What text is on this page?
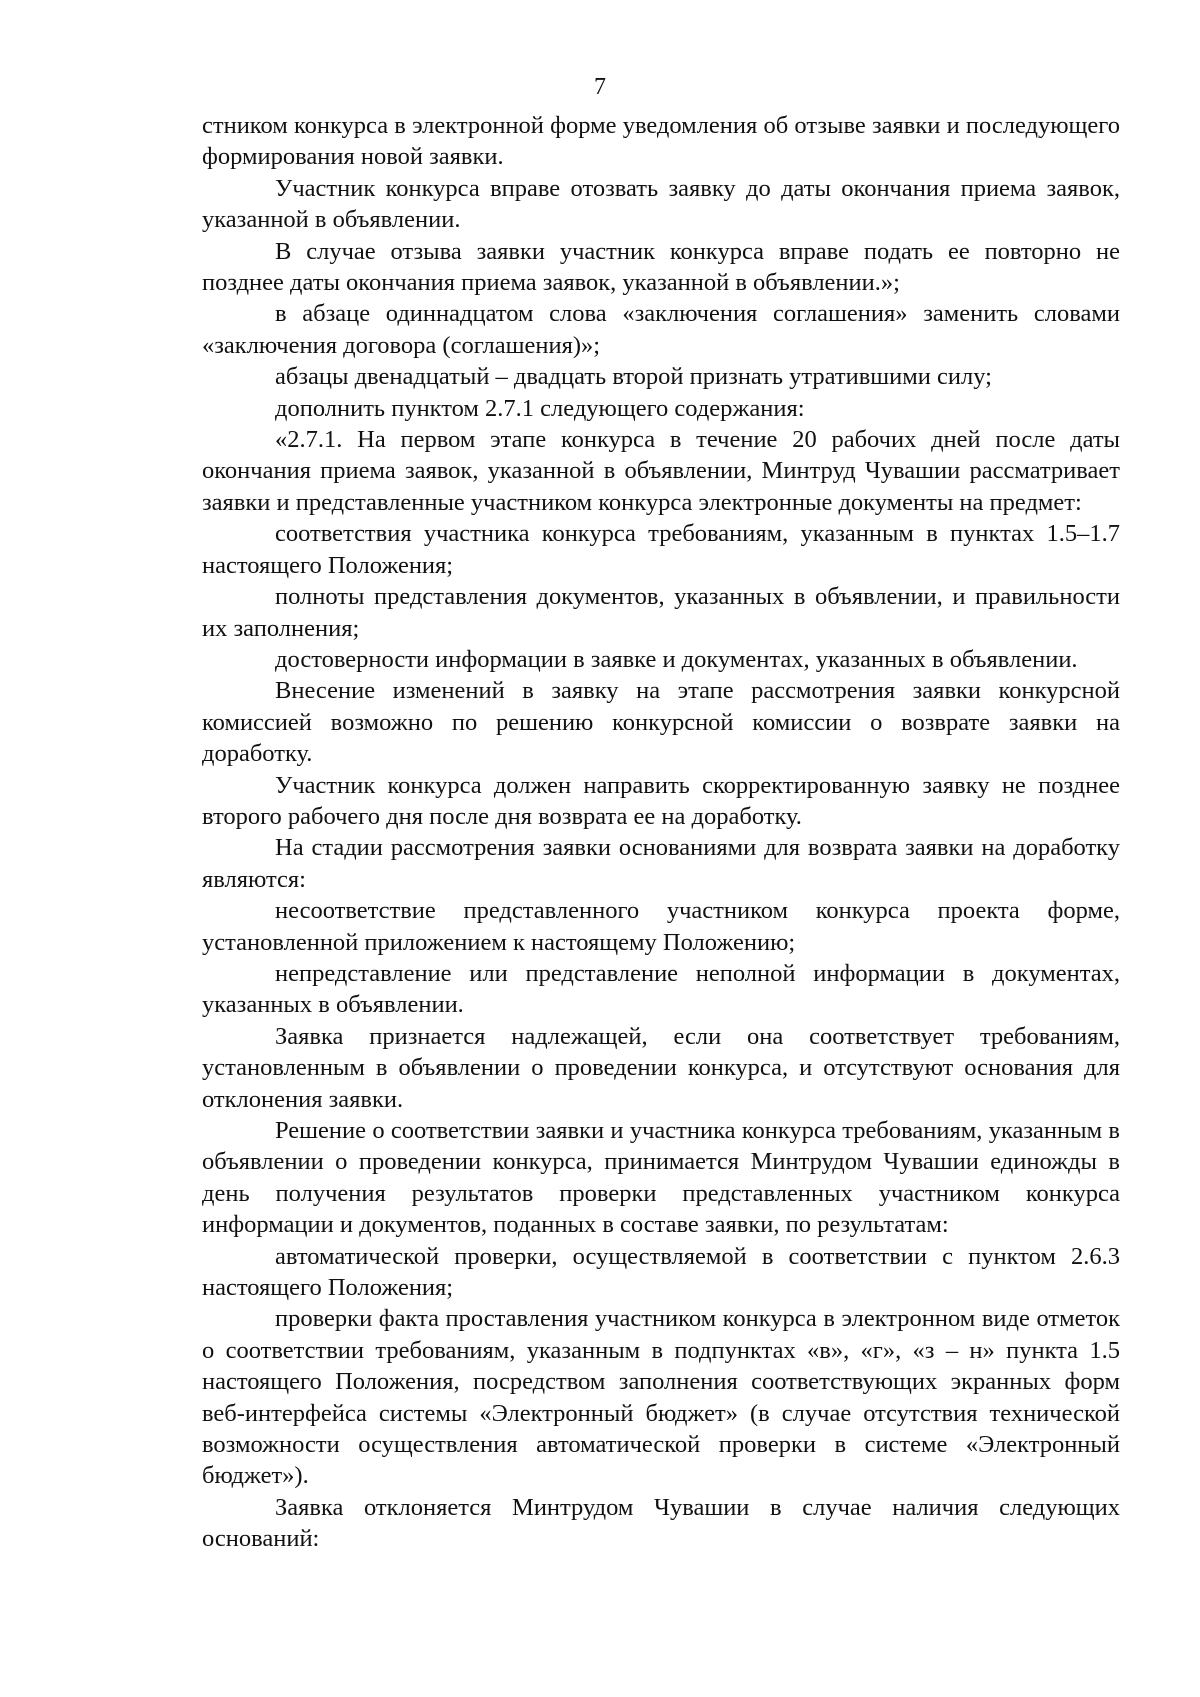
7

стником конкурса в электронной форме уведомления об отзыве заявки и последующего формирования новой заявки.

Участник конкурса вправе отозвать заявку до даты окончания приема заявок, указанной в объявлении.

В случае отзыва заявки участник конкурса вправе подать ее повторно не позднее даты окончания приема заявок, указанной в объявлении.»;

в абзаце одиннадцатом слова «заключения соглашения» заменить словами «заключения договора (соглашения)»;

абзацы двенадцатый – двадцать второй признать утратившими силу;

дополнить пунктом 2.7.1 следующего содержания:

«2.7.1. На первом этапе конкурса в течение 20 рабочих дней после даты окончания приема заявок, указанной в объявлении, Минтруд Чувашии рассматривает заявки и представленные участником конкурса электронные документы на предмет:

соответствия участника конкурса требованиям, указанным в пунктах 1.5–1.7 настоящего Положения;

полноты представления документов, указанных в объявлении, и правильности их заполнения;

достоверности информации в заявке и документах, указанных в объявлении.

Внесение изменений в заявку на этапе рассмотрения заявки конкурсной комиссией возможно по решению конкурсной комиссии о возврате заявки на доработку.

Участник конкурса должен направить скорректированную заявку не позднее второго рабочего дня после дня возврата ее на доработку.

На стадии рассмотрения заявки основаниями для возврата заявки на доработку являются:

несоответствие представленного участником конкурса проекта форме, установленной приложением к настоящему Положению;

непредставление или представление неполной информации в документах, указанных в объявлении.

Заявка признается надлежащей, если она соответствует требованиям, установленным в объявлении о проведении конкурса, и отсутствуют основания для отклонения заявки.

Решение о соответствии заявки и участника конкурса требованиям, указанным в объявлении о проведении конкурса, принимается Минтрудом Чувашии единожды в день получения результатов проверки представленных участником конкурса информации и документов, поданных в составе заявки, по результатам:

автоматической проверки, осуществляемой в соответствии с пунктом 2.6.3 настоящего Положения;

проверки факта проставления участником конкурса в электронном виде отметок о соответствии требованиям, указанным в подпунктах «в», «г», «з – н» пункта 1.5 настоящего Положения, посредством заполнения соответствующих экранных форм веб-интерфейса системы «Электронный бюджет» (в случае отсутствия технической возможности осуществления автоматической проверки в системе «Электронный бюджет»).

Заявка отклоняется Минтрудом Чувашии в случае наличия следующих оснований:
